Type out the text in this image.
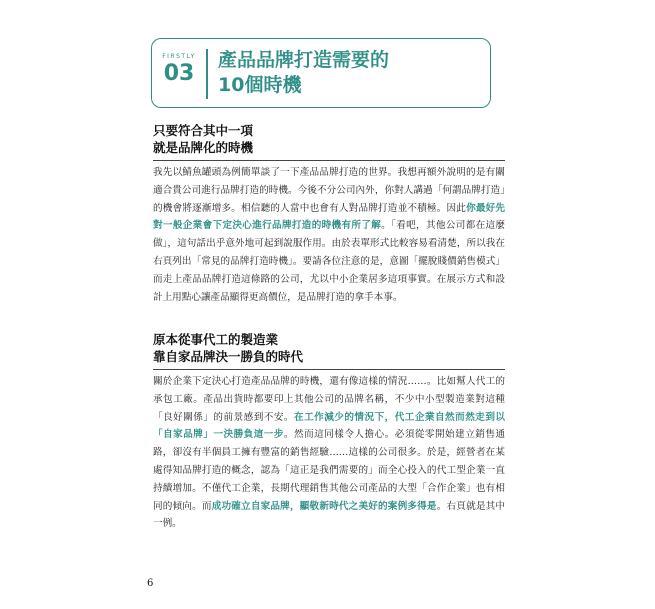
FIRSTLY
03
產品品牌打造需要的
10個時機
只要符合其中一項
就是品牌化的時機
我先以鯖魚罐頭為例簡單談了一下產品品牌打造的世界。我想再額外說明的是有關適合貴公司進行品牌打造的時機。今後不分公司內外，你對人講過「何謂品牌打造」的機會將逐漸增多。相信聽的人當中也會有人對品牌打造並不積極。因此你最好先對一般企業會下定決心進行品牌打造的時機有所了解。「看吧，其他公司都在這麼做」，這句話出乎意外地可起到說服作用。由於表單形式比較容易看清楚，所以我在右頁列出「常見的品牌打造時機」。要請各位注意的是，意圖「擺脫賤價銷售模式」而走上產品品牌打造這條路的公司，尤以中小企業居多這項事實。在展示方式和設計上用點心讓產品顯得更高價位，是品牌打造的拿手本事。
原本從事代工的製造業
靠自家品牌決一勝負的時代
關於企業下定決心打造產品品牌的時機，還有像這樣的情況……。比如幫人代工的承包工廠。產品出貨時都要印上其他公司的品牌名稱，不少中小型製造業對這種「良好關係」的前景感到不安。在工作減少的情況下，代工企業自然而然走到以「自家品牌」一決勝負這一步。然而這同樣令人擔心。必須從零開始建立銷售通路，卻沒有半個員工擁有豐富的銷售經驗……這樣的公司很多。於是，經營者在某處得知品牌打造的概念，認為「這正是我們需要的」而全心投入的代工型企業一直持續增加。不僅代工企業，長期代理銷售其他公司產品的大型「合作企業」也有相同的傾向。而成功確立自家品牌，顯敬新時代之美好的案例多得是。右頁就是其中一例。
6
